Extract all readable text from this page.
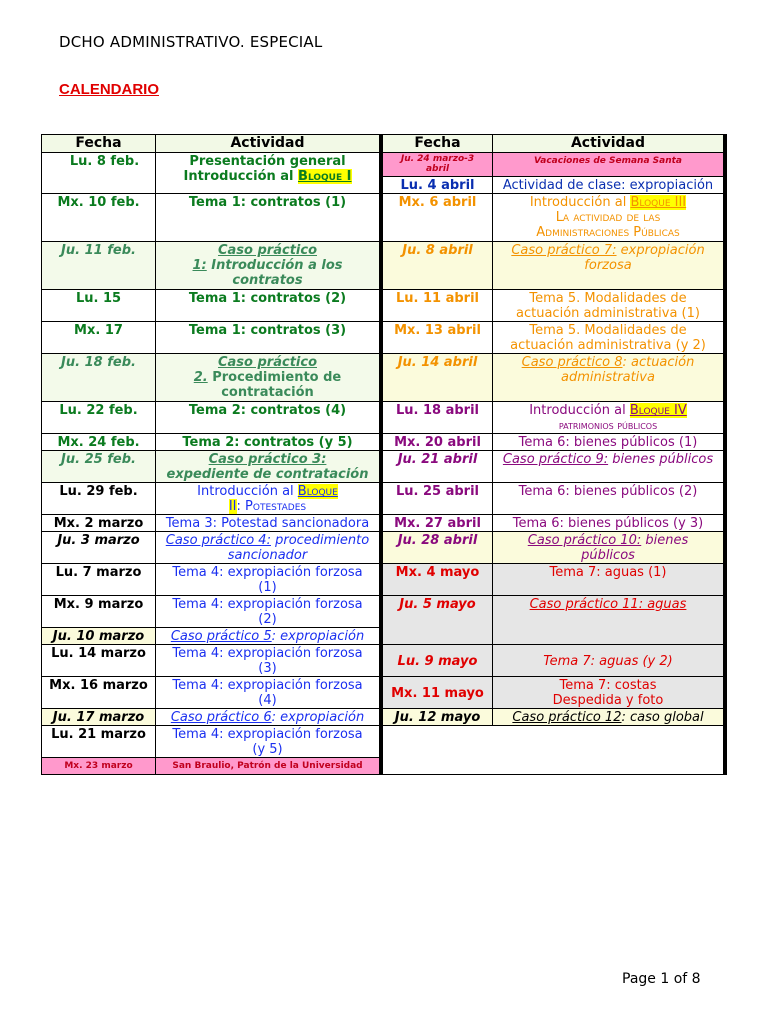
DCHO ADMINISTRATIVO. ESPECIAL
CALENDARIO
Fecha	Actividad
Lu. 8 feb.	Presentación general
Introducción al Bloque I
Mx. 10 feb.	Tema 1: contratos (1)
Ju. 11 feb.	Caso práctico
1: Introducción a los
contratos
Lu. 15	Tema 1: contratos (2)
Mx. 17	Tema 1: contratos (3)
Ju. 18 feb.	Caso práctico
2. Procedimiento de
contratación
Lu. 22 feb.	Tema 2: contratos (4)
Mx. 24 feb.	Tema 2: contratos (y 5)
Ju. 25 feb.	Caso práctico 3:
expediente de contratación
Lu. 29 feb.	Introducción al Bloque
II: Potestades
Mx. 2 marzo	Tema 3: Potestad sancionadora
Ju. 3 marzo	Caso práctico 4: procedimiento
sancionador
Lu. 7 marzo	Tema 4: expropiación forzosa
(1)
Mx. 9 marzo	Tema 4: expropiación forzosa
(2)
Ju. 10 marzo	Caso práctico 5: expropiación
Lu. 14 marzo	Tema 4: expropiación forzosa
(3)
Mx. 16 marzo	Tema 4: expropiación forzosa
(4)
Ju. 17 marzo	Caso práctico 6: expropiación
Lu. 21 marzo	Tema 4: expropiación forzosa
(y 5)
Mx. 23 marzo	San Braulio, Patrón de la Universidad
Fecha	Actividad
Ju. 24 marzo-3
abril
Vacaciones de Semana Santa
Lu. 4 abril	Actividad de clase: expropiación
Mx. 6 abril	Introducción al Bloque III
La actividad de las
Administraciones Públicas
Ju. 8 abril	Caso práctico 7: expropiación
forzosa
Lu. 11 abril	Tema 5. Modalidades de
actuación administrativa (1)
Mx. 13 abril	Tema 5. Modalidades de
actuación administrativa (y 2)
Ju. 14 abril	Caso práctico 8: actuación
administrativa
Lu. 18 abril	Introducción al Bloque IV
patrimonios públicos
Mx. 20 abril	Tema 6: bienes públicos (1)
Ju. 21 abril	Caso práctico 9: bienes públicos
Lu. 25 abril	Tema 6: bienes públicos (2)
Mx. 27 abril	Tema 6: bienes públicos (y 3)
Ju. 28 abril	Caso práctico 10: bienes
públicos
Mx. 4 mayo	Tema 7: aguas (1)
Ju. 5 mayo	Caso práctico 11: aguas
Lu. 9 mayo	Tema 7: aguas (y 2)
Mx. 11 mayo	Tema 7: costas
Despedida y foto
Ju. 12 mayo	Caso práctico 12: caso global
Page 1 of 8
